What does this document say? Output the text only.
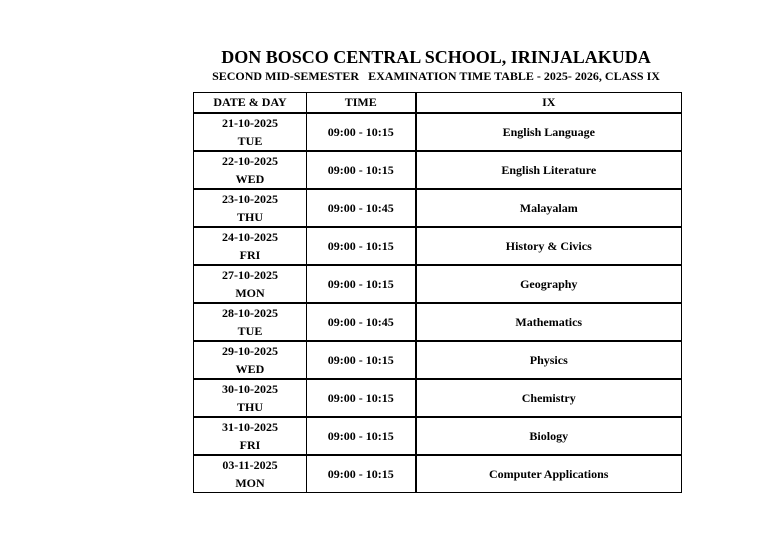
DON BOSCO CENTRAL SCHOOL, IRINJALAKUDA
SECOND MID-SEMESTER   EXAMINATION TIME TABLE - 2025- 2026, CLASS IX
DATE & DAY	TIME	IX

21-10-2025
TUE	09:00 - 10:15	English Language

22-10-2025
WED	09:00 - 10:15	English Literature

23-10-2025
THU	09:00 - 10:45	Malayalam

24-10-2025
FRI	09:00 - 10:15	History & Civics

27-10-2025
MON	09:00 - 10:15	Geography

28-10-2025
TUE	09:00 - 10:45	Mathematics

29-10-2025
WED	09:00 - 10:15	Physics

30-10-2025
THU	09:00 - 10:15	Chemistry

31-10-2025
FRI	09:00 - 10:15	Biology

03-11-2025
MON	09:00 - 10:15	Computer Applications
